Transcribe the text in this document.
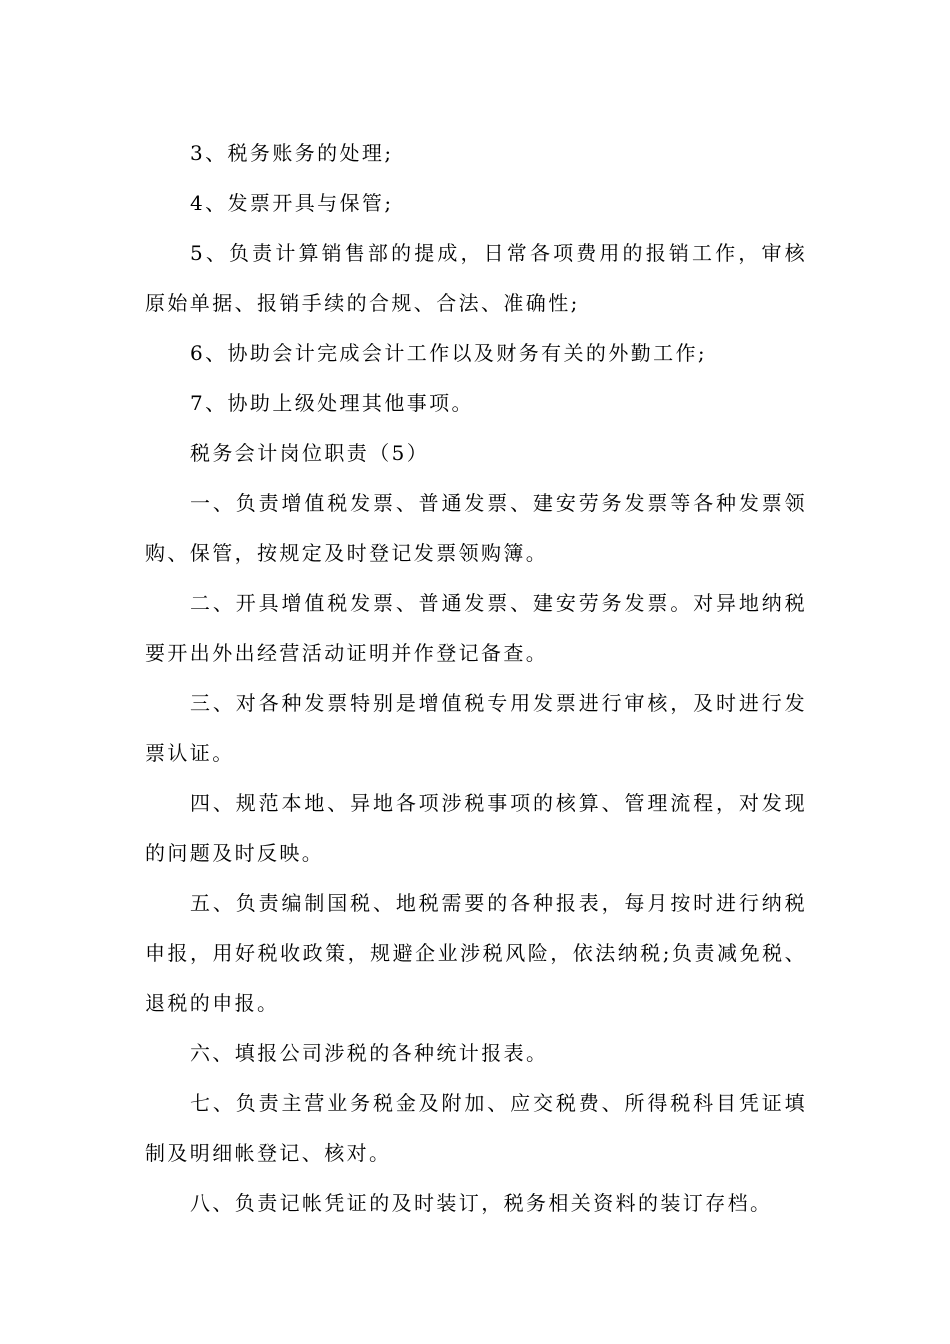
3、税务账务的处理;

4、发票开具与保管;

5、负责计算销售部的提成，日常各项费用的报销工作，审核原始单据、报销手续的合规、合法、准确性;

6、协助会计完成会计工作以及财务有关的外勤工作;

7、协助上级处理其他事项。

税务会计岗位职责（5）

一、负责增值税发票、普通发票、建安劳务发票等各种发票领购、保管，按规定及时登记发票领购簿。

二、开具增值税发票、普通发票、建安劳务发票。对异地纳税要开出外出经营活动证明并作登记备查。

三、对各种发票特别是增值税专用发票进行审核，及时进行发票认证。

四、规范本地、异地各项涉税事项的核算、管理流程，对发现的问题及时反映。

五、负责编制国税、地税需要的各种报表，每月按时进行纳税申报，用好税收政策，规避企业涉税风险，依法纳税;负责减免税、退税的申报。

六、填报公司涉税的各种统计报表。

七、负责主营业务税金及附加、应交税费、所得税科目凭证填制及明细帐登记、核对。

八、负责记帐凭证的及时装订，税务相关资料的装订存档。
